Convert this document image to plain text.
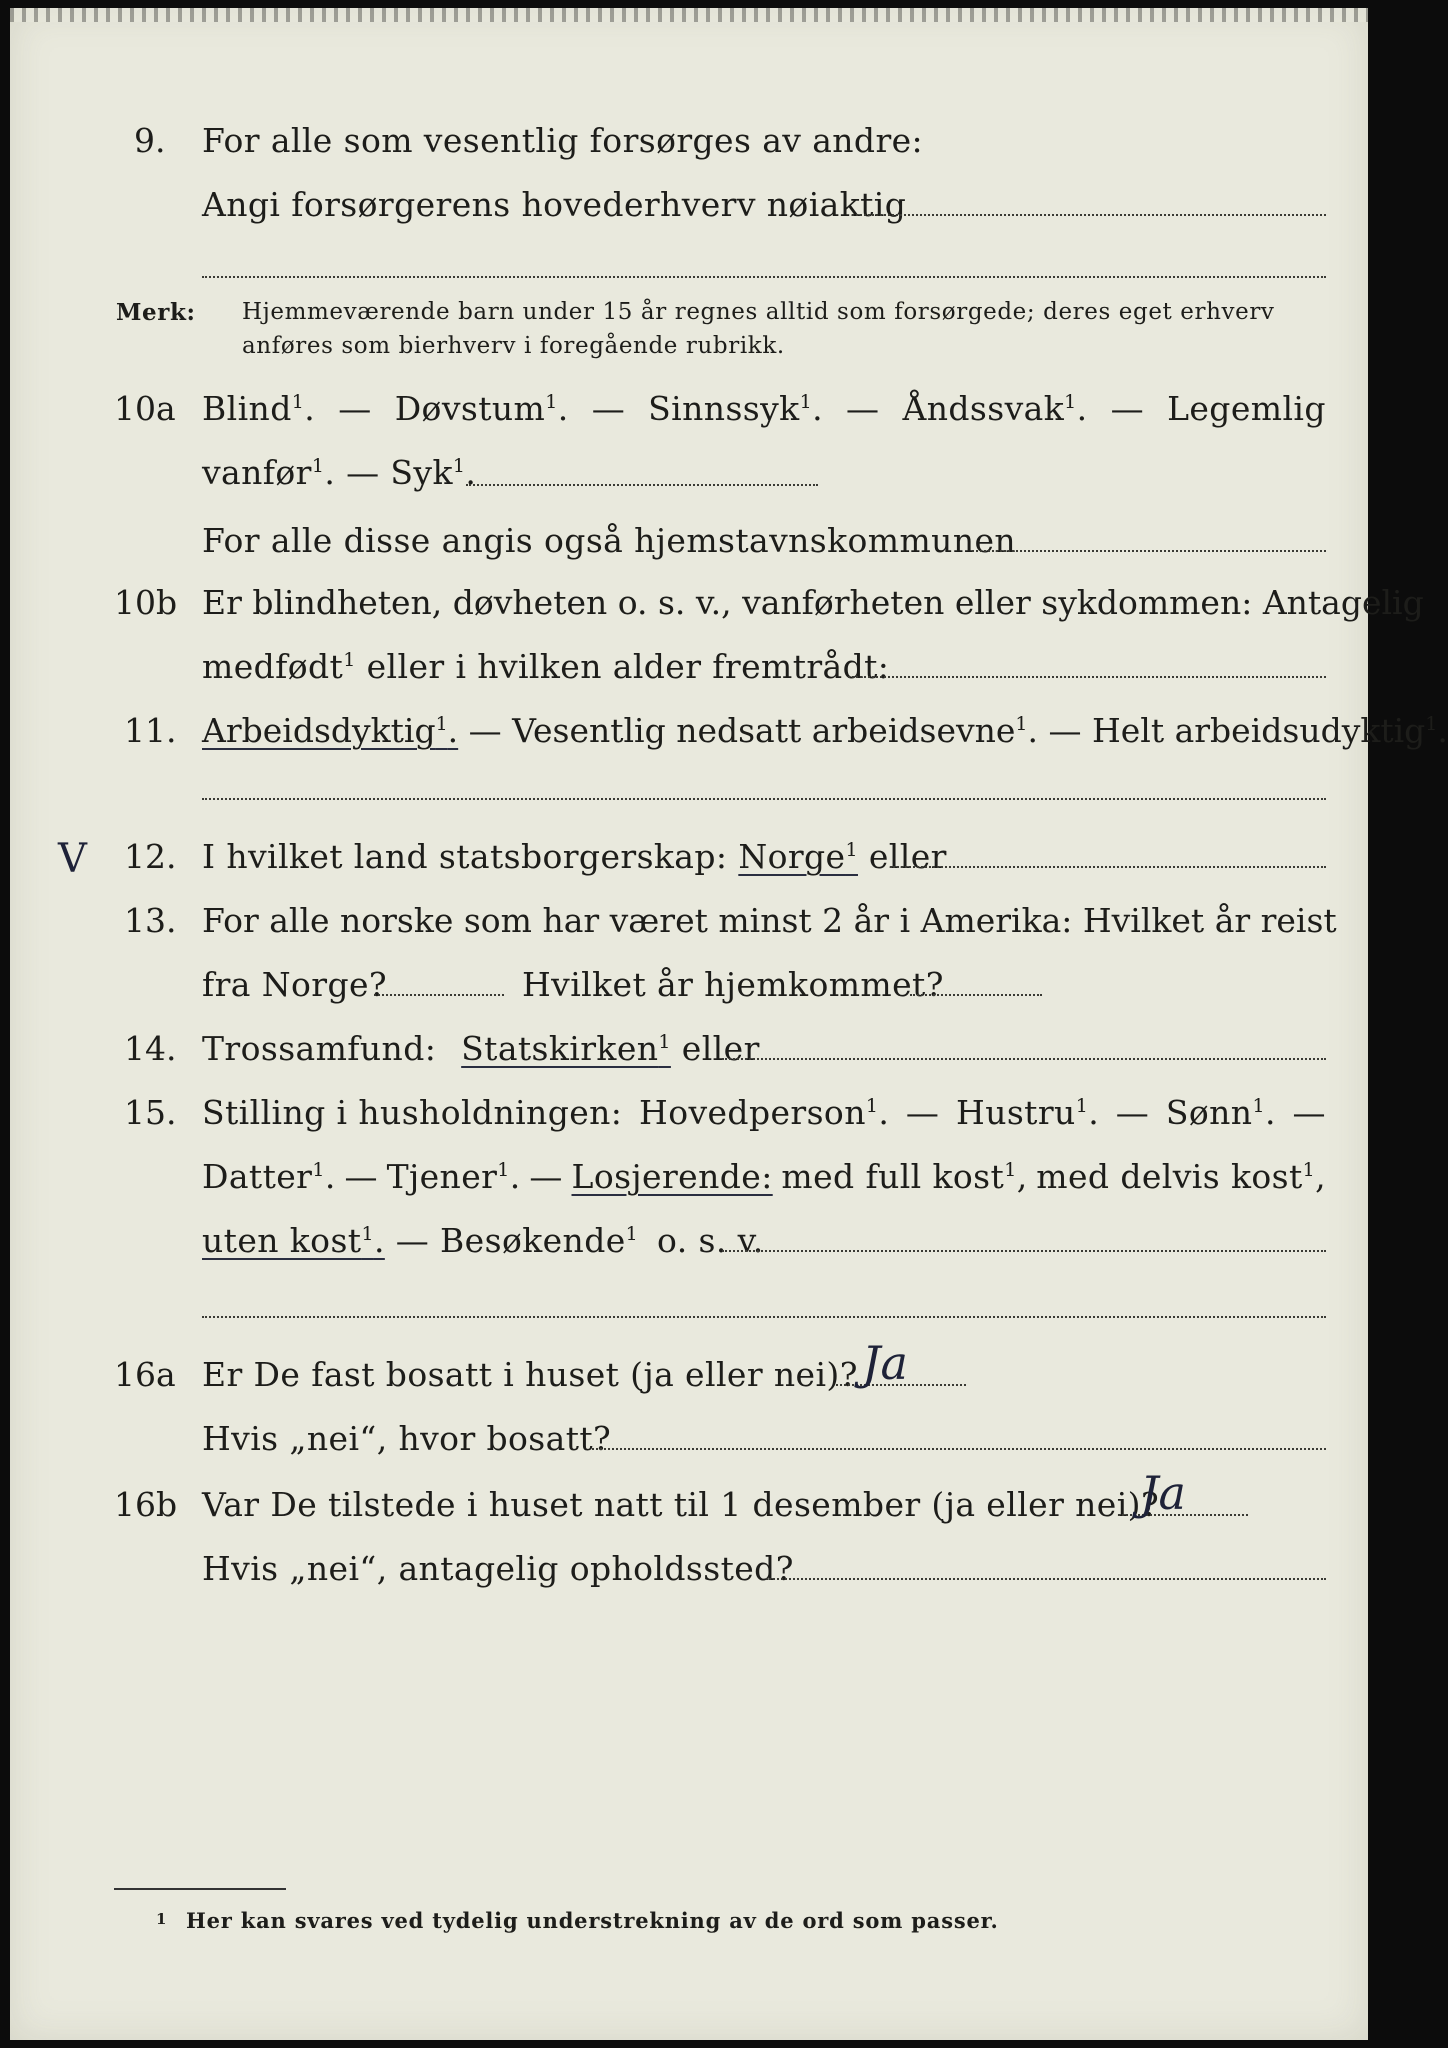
9. For alle som vesentlig forsørges av andre:
Angi forsørgerens hovederhverv nøiaktig
Merk: Hjemmeværende barn under 15 år regnes alltid som forsørgede; deres eget erhverv
anføres som bierhverv i foregående rubrikk.
10a Blind$^1$. — Døvstum$^1$. — Sinnssyk$^1$. — Åndssvak$^1$. — Legemlig
vanfør$^1$. — Syk$^1$.
For alle disse angis også hjemstavnskommunen
10b Er blindheten, døvheten o. s. v., vanførheten eller sykdommen: Antagelig
medfødt$^1$ eller i hvilken alder fremtrådt:
11. Arbeidsdyktig$^1$. — Vesentlig nedsatt arbeidsevne$^1$. — Helt arbeidsudyktig$^1$.
V 12. I hvilket land statsborgerskap: Norge$^1$ eller
13. For alle norske som har været minst 2 år i Amerika: Hvilket år reist
fra Norge?	Hvilket år hjemkommet?
14. Trossamfund: Statskirken$^1$ eller
15. Stilling i husholdningen: Hovedperson$^1$. — Hustru$^1$. — Sønn$^1$. —
Datter$^1$. — Tjener$^1$. — Losjerende: med full kost$^1$, med delvis kost$^1$,
uten kost$^1$. — Besøkende$^1$ o. s. v.
16a Er De fast bosatt i huset (ja eller nei)? Ja
Hvis „nei“, hvor bosatt?
16b Var De tilstede i huset natt til 1 desember (ja eller nei)?
Ja
Hvis „nei“, antagelig opholdssted?
1 Her kan svares ved tydelig understrekning av de ord som passer.
